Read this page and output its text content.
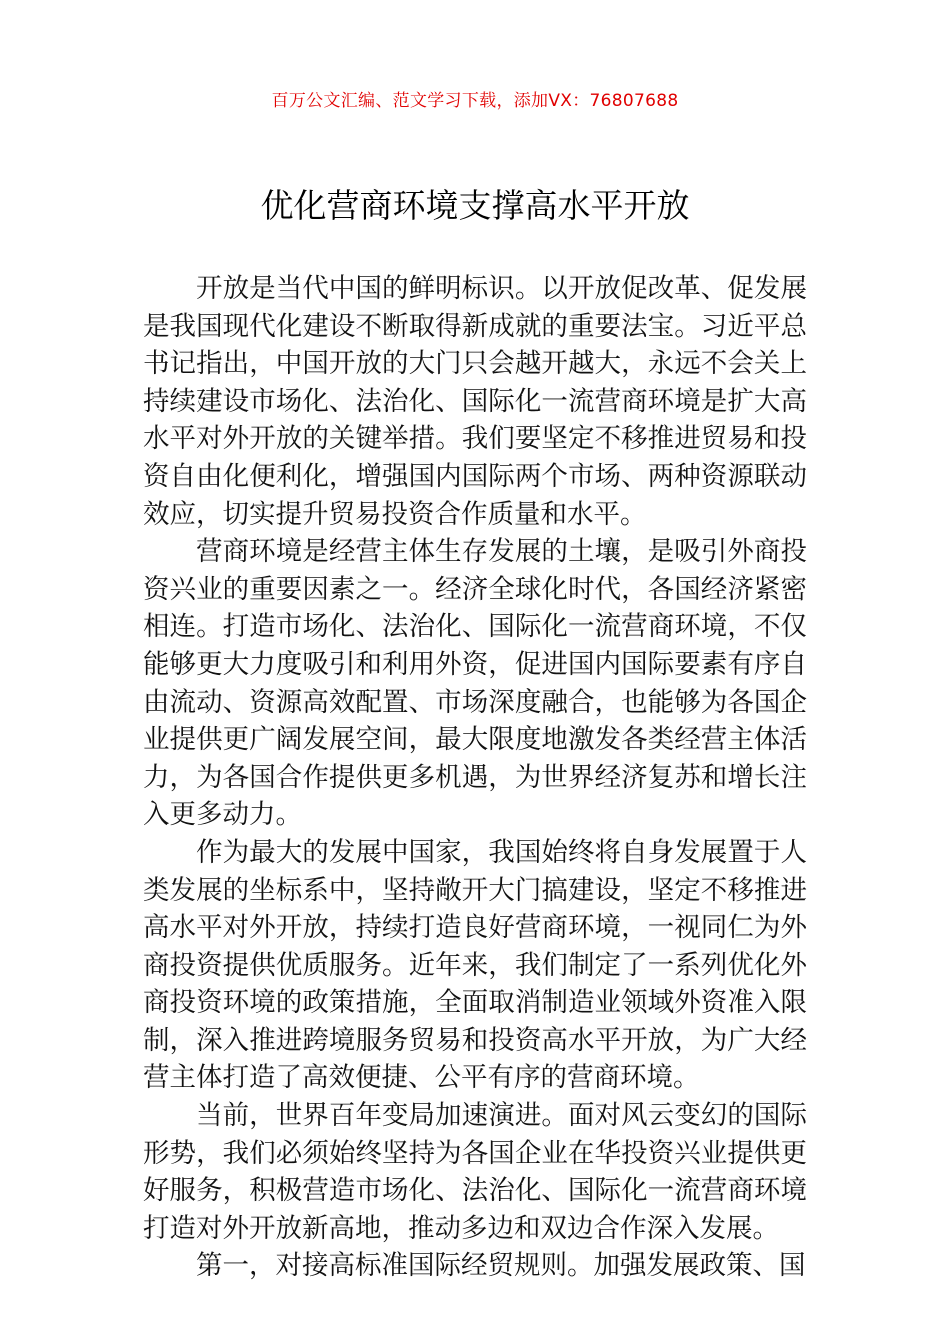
百万公文汇编、范文学习下载，添加VX：76807688
优化营商环境支撑高水平开放

开放是当代中国的鲜明标识。以开放促改革、促发展是我国现代化建设不断取得新成就的重要法宝。习近平总书记指出，中国开放的大门只会越开越大，永远不会关上持续建设市场化、法治化、国际化一流营商环境是扩大高水平对外开放的关键举措。我们要坚定不移推进贸易和投资自由化便利化，增强国内国际两个市场、两种资源联动效应，切实提升贸易投资合作质量和水平。

营商环境是经营主体生存发展的土壤，是吸引外商投资兴业的重要因素之一。经济全球化时代，各国经济紧密相连。打造市场化、法治化、国际化一流营商环境，不仅能够更大力度吸引和利用外资，促进国内国际要素有序自由流动、资源高效配置、市场深度融合，也能够为各国企业提供更广阔发展空间，最大限度地激发各类经营主体活力，为各国合作提供更多机遇，为世界经济复苏和增长注入更多动力。

作为最大的发展中国家，我国始终将自身发展置于人类发展的坐标系中，坚持敞开大门搞建设，坚定不移推进高水平对外开放，持续打造良好营商环境，一视同仁为外商投资提供优质服务。近年来，我们制定了一系列优化外商投资环境的政策措施，全面取消制造业领域外资准入限制，深入推进跨境服务贸易和投资高水平开放，为广大经营主体打造了高效便捷、公平有序的营商环境。

当前，世界百年变局加速演进。面对风云变幻的国际形势，我们必须始终坚持为各国企业在华投资兴业提供更好服务，积极营造市场化、法治化、国际化一流营商环境打造对外开放新高地，推动多边和双边合作深入发展。

第一，对接高标准国际经贸规则。加强发展政策、国
